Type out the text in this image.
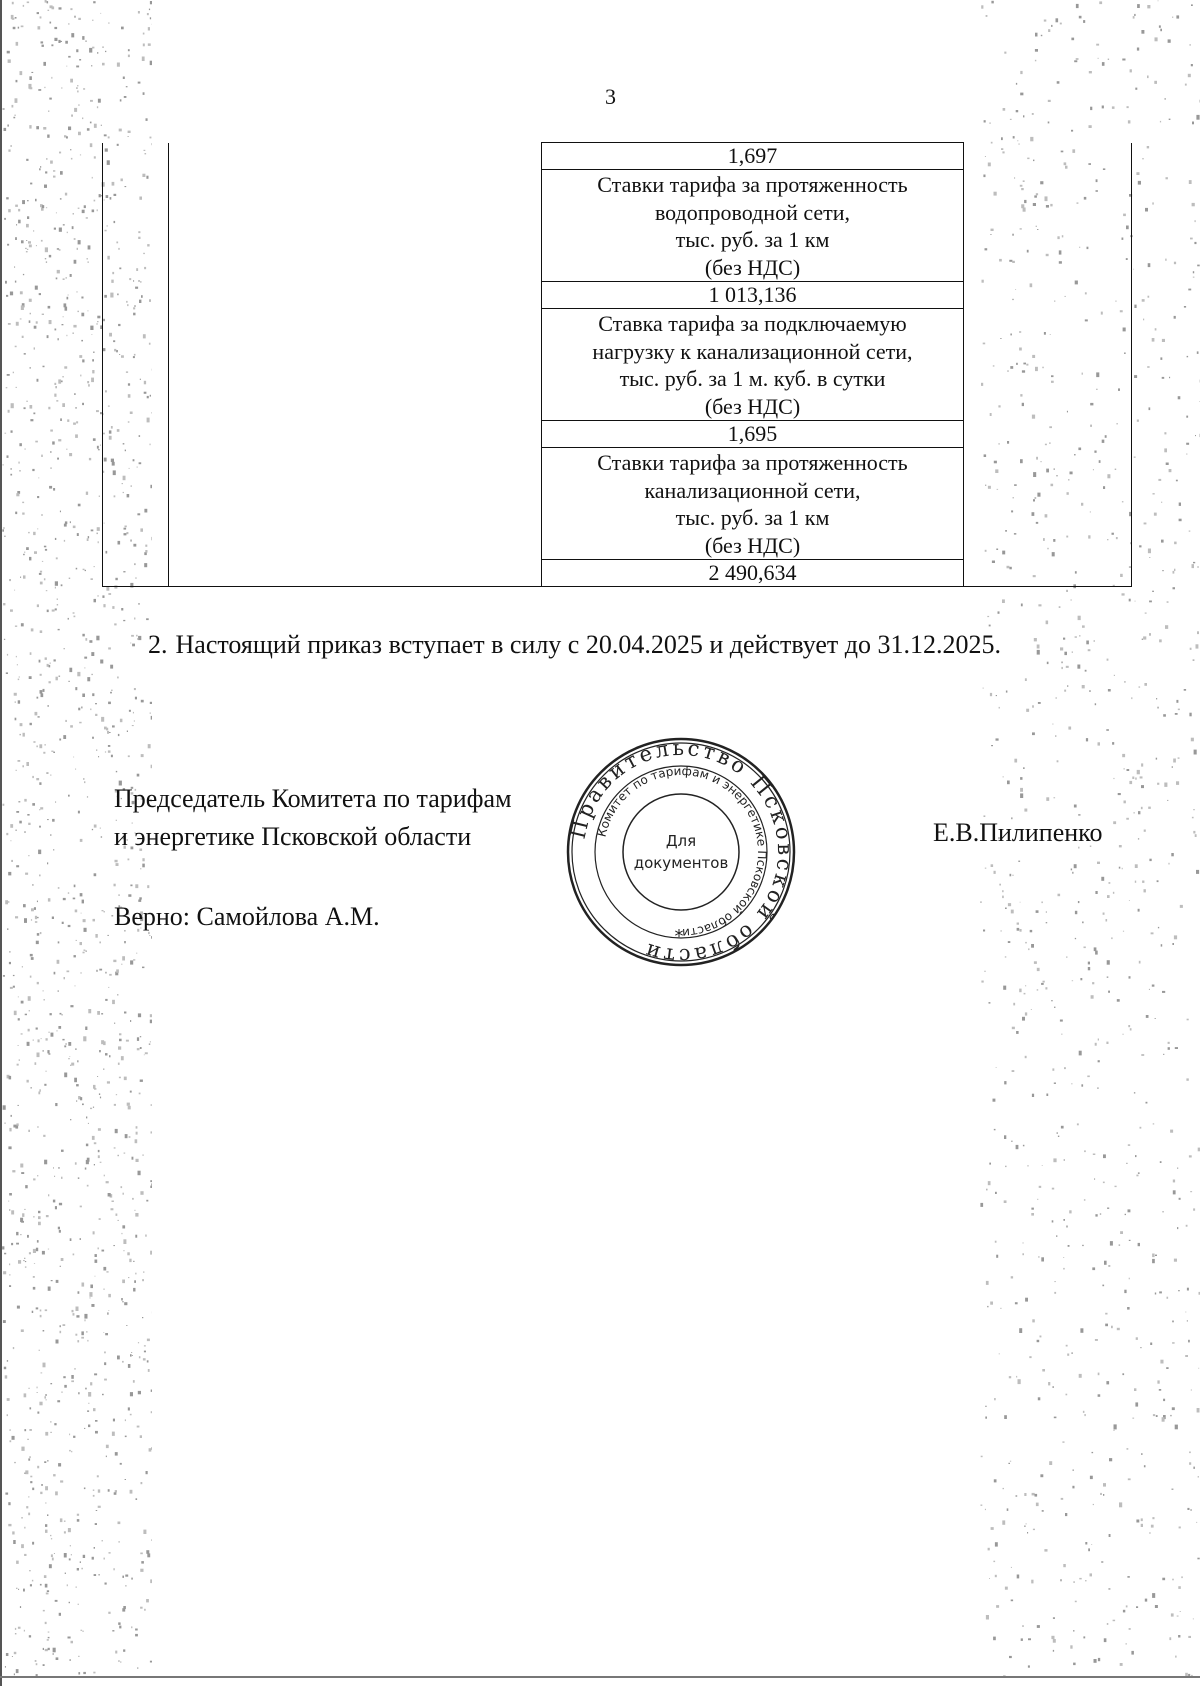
3
		1,697	
Ставки тарифа за протяженность
водопроводной сети,
тыс. руб. за 1 км
(без НДС)
1 013,136
Ставка тарифа за подключаемую
нагрузку к канализационной сети,
тыс. руб. за 1 м. куб. в сутки
(без НДС)
1,695
Ставки тарифа за протяженность
канализационной сети,
тыс. руб. за 1 км
(без НДС)
2 490,634
2. Настоящий приказ вступает в силу с 20.04.2025 и действует до 31.12.2025.
Председатель Комитета по тарифам
и энергетике Псковской области	Е.В.Пилипенко
Верно: Самойлова А.М.
Правительство Псковской области
Комитет по тарифам и энергетике Псковской области
Для
документов
*
